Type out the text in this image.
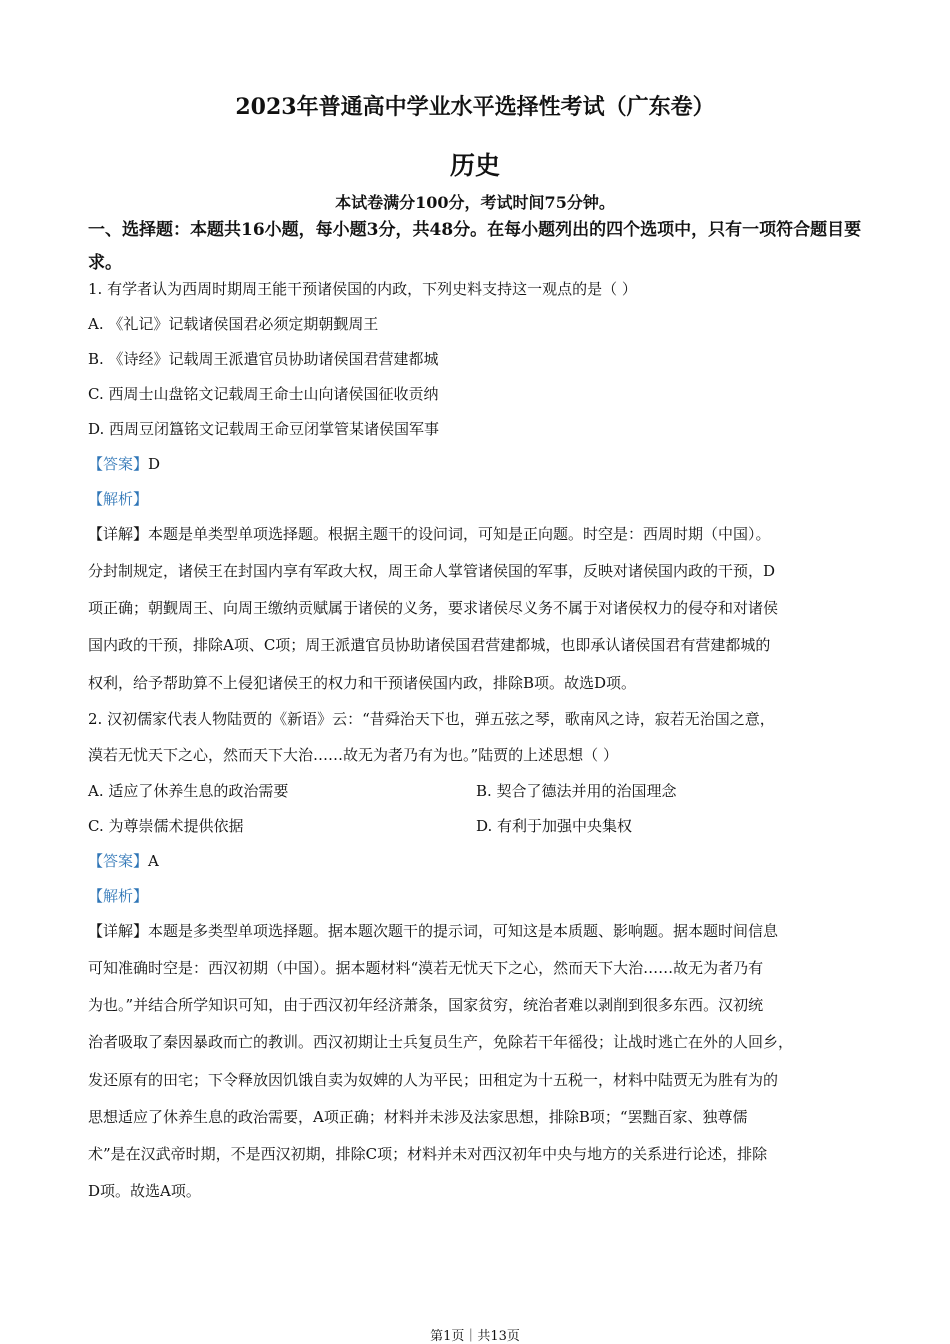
2023年普通高中学业水平选择性考试（广东卷）
历史
本试卷满分100分，考试时间75分钟。
一、选择题：本题共16小题，每小题3分，共48分。在每小题列出的四个选项中，只有一项符合题目要求。
1. 有学者认为西周时期周王能干预诸侯国的内政，下列史料支持这一观点的是（ ）
A. 《礼记》记载诸侯国君必须定期朝觐周王
B. 《诗经》记载周王派遣官员协助诸侯国君营建都城
C. 西周士山盘铭文记载周王命士山向诸侯国征收贡纳
D. 西周豆闭簋铭文记载周王命豆闭掌管某诸侯国军事
【答案】D
【解析】
【详解】本题是单类型单项选择题。根据主题干的设问词，可知是正向题。时空是：西周时期（中国）。
分封制规定，诸侯王在封国内享有军政大权，周王命人掌管诸侯国的军事，反映对诸侯国内政的干预，D
项正确；朝觐周王、向周王缴纳贡赋属于诸侯的义务，要求诸侯尽义务不属于对诸侯权力的侵夺和对诸侯
国内政的干预，排除A项、C项；周王派遣官员协助诸侯国君营建都城，也即承认诸侯国君有营建都城的
权利，给予帮助算不上侵犯诸侯王的权力和干预诸侯国内政，排除B项。故选D项。
2. 汉初儒家代表人物陆贾的《新语》云：“昔舜治天下也，弹五弦之琴，歌南风之诗，寂若无治国之意，
漠若无忧天下之心，然而天下大治……故无为者乃有为也。”陆贾的上述思想（ ）
A. 适应了休养生息的政治需要	B. 契合了德法并用的治国理念
C. 为尊崇儒术提供依据	D. 有利于加强中央集权
【答案】A
【解析】
【详解】本题是多类型单项选择题。据本题次题干的提示词，可知这是本质题、影响题。据本题时间信息
可知准确时空是：西汉初期（中国）。据本题材料“漠若无忧天下之心，然而天下大治……故无为者乃有
为也。”并结合所学知识可知，由于西汉初年经济萧条，国家贫穷，统治者难以剥削到很多东西。汉初统
治者吸取了秦因暴政而亡的教训。西汉初期让士兵复员生产，免除若干年徭役；让战时逃亡在外的人回乡，
发还原有的田宅；下令释放因饥饿自卖为奴婢的人为平民；田租定为十五税一，材料中陆贾无为胜有为的
思想适应了休养生息的政治需要，A项正确；材料并未涉及法家思想，排除B项；“罢黜百家、独尊儒
术”是在汉武帝时期，不是西汉初期，排除C项；材料并未对西汉初年中央与地方的关系进行论述，排除
D项。故选A项。
第1页｜共13页
